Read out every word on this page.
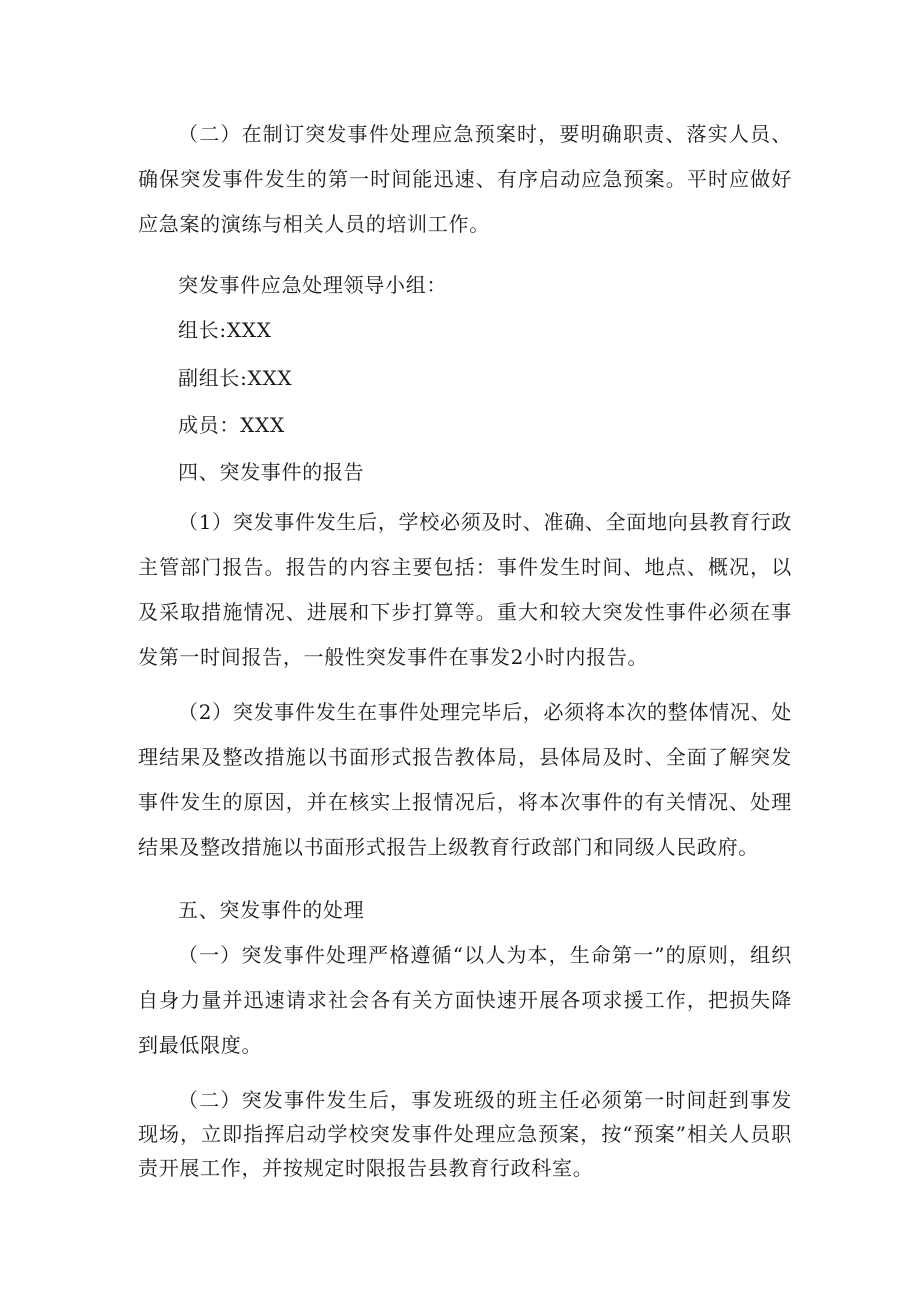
（二）在制订突发事件处理应急预案时，要明确职责、落实人员、确保突发事件发生的第一时间能迅速、有序启动应急预案。平时应做好应急案的演练与相关人员的培训工作。

突发事件应急处理领导小组：

组长:XXX

副组长:XXX

成员：XXX

四、突发事件的报告

（1）突发事件发生后，学校必须及时、准确、全面地向县教育行政主管部门报告。报告的内容主要包括：事件发生时间、地点、概况，以及采取措施情况、进展和下步打算等。重大和较大突发性事件必须在事发第一时间报告，一般性突发事件在事发2小时内报告。

（2）突发事件发生在事件处理完毕后，必须将本次的整体情况、处理结果及整改措施以书面形式报告教体局，县体局及时、全面了解突发事件发生的原因，并在核实上报情况后，将本次事件的有关情况、处理结果及整改措施以书面形式报告上级教育行政部门和同级人民政府。

五、突发事件的处理

（一）突发事件处理严格遵循“以人为本，生命第一”的原则，组织自身力量并迅速请求社会各有关方面快速开展各项求援工作，把损失降到最低限度。

（二）突发事件发生后，事发班级的班主任必须第一时间赶到事发现场，立即指挥启动学校突发事件处理应急预案，按“预案”相关人员职责开展工作，并按规定时限报告县教育行政科室。
